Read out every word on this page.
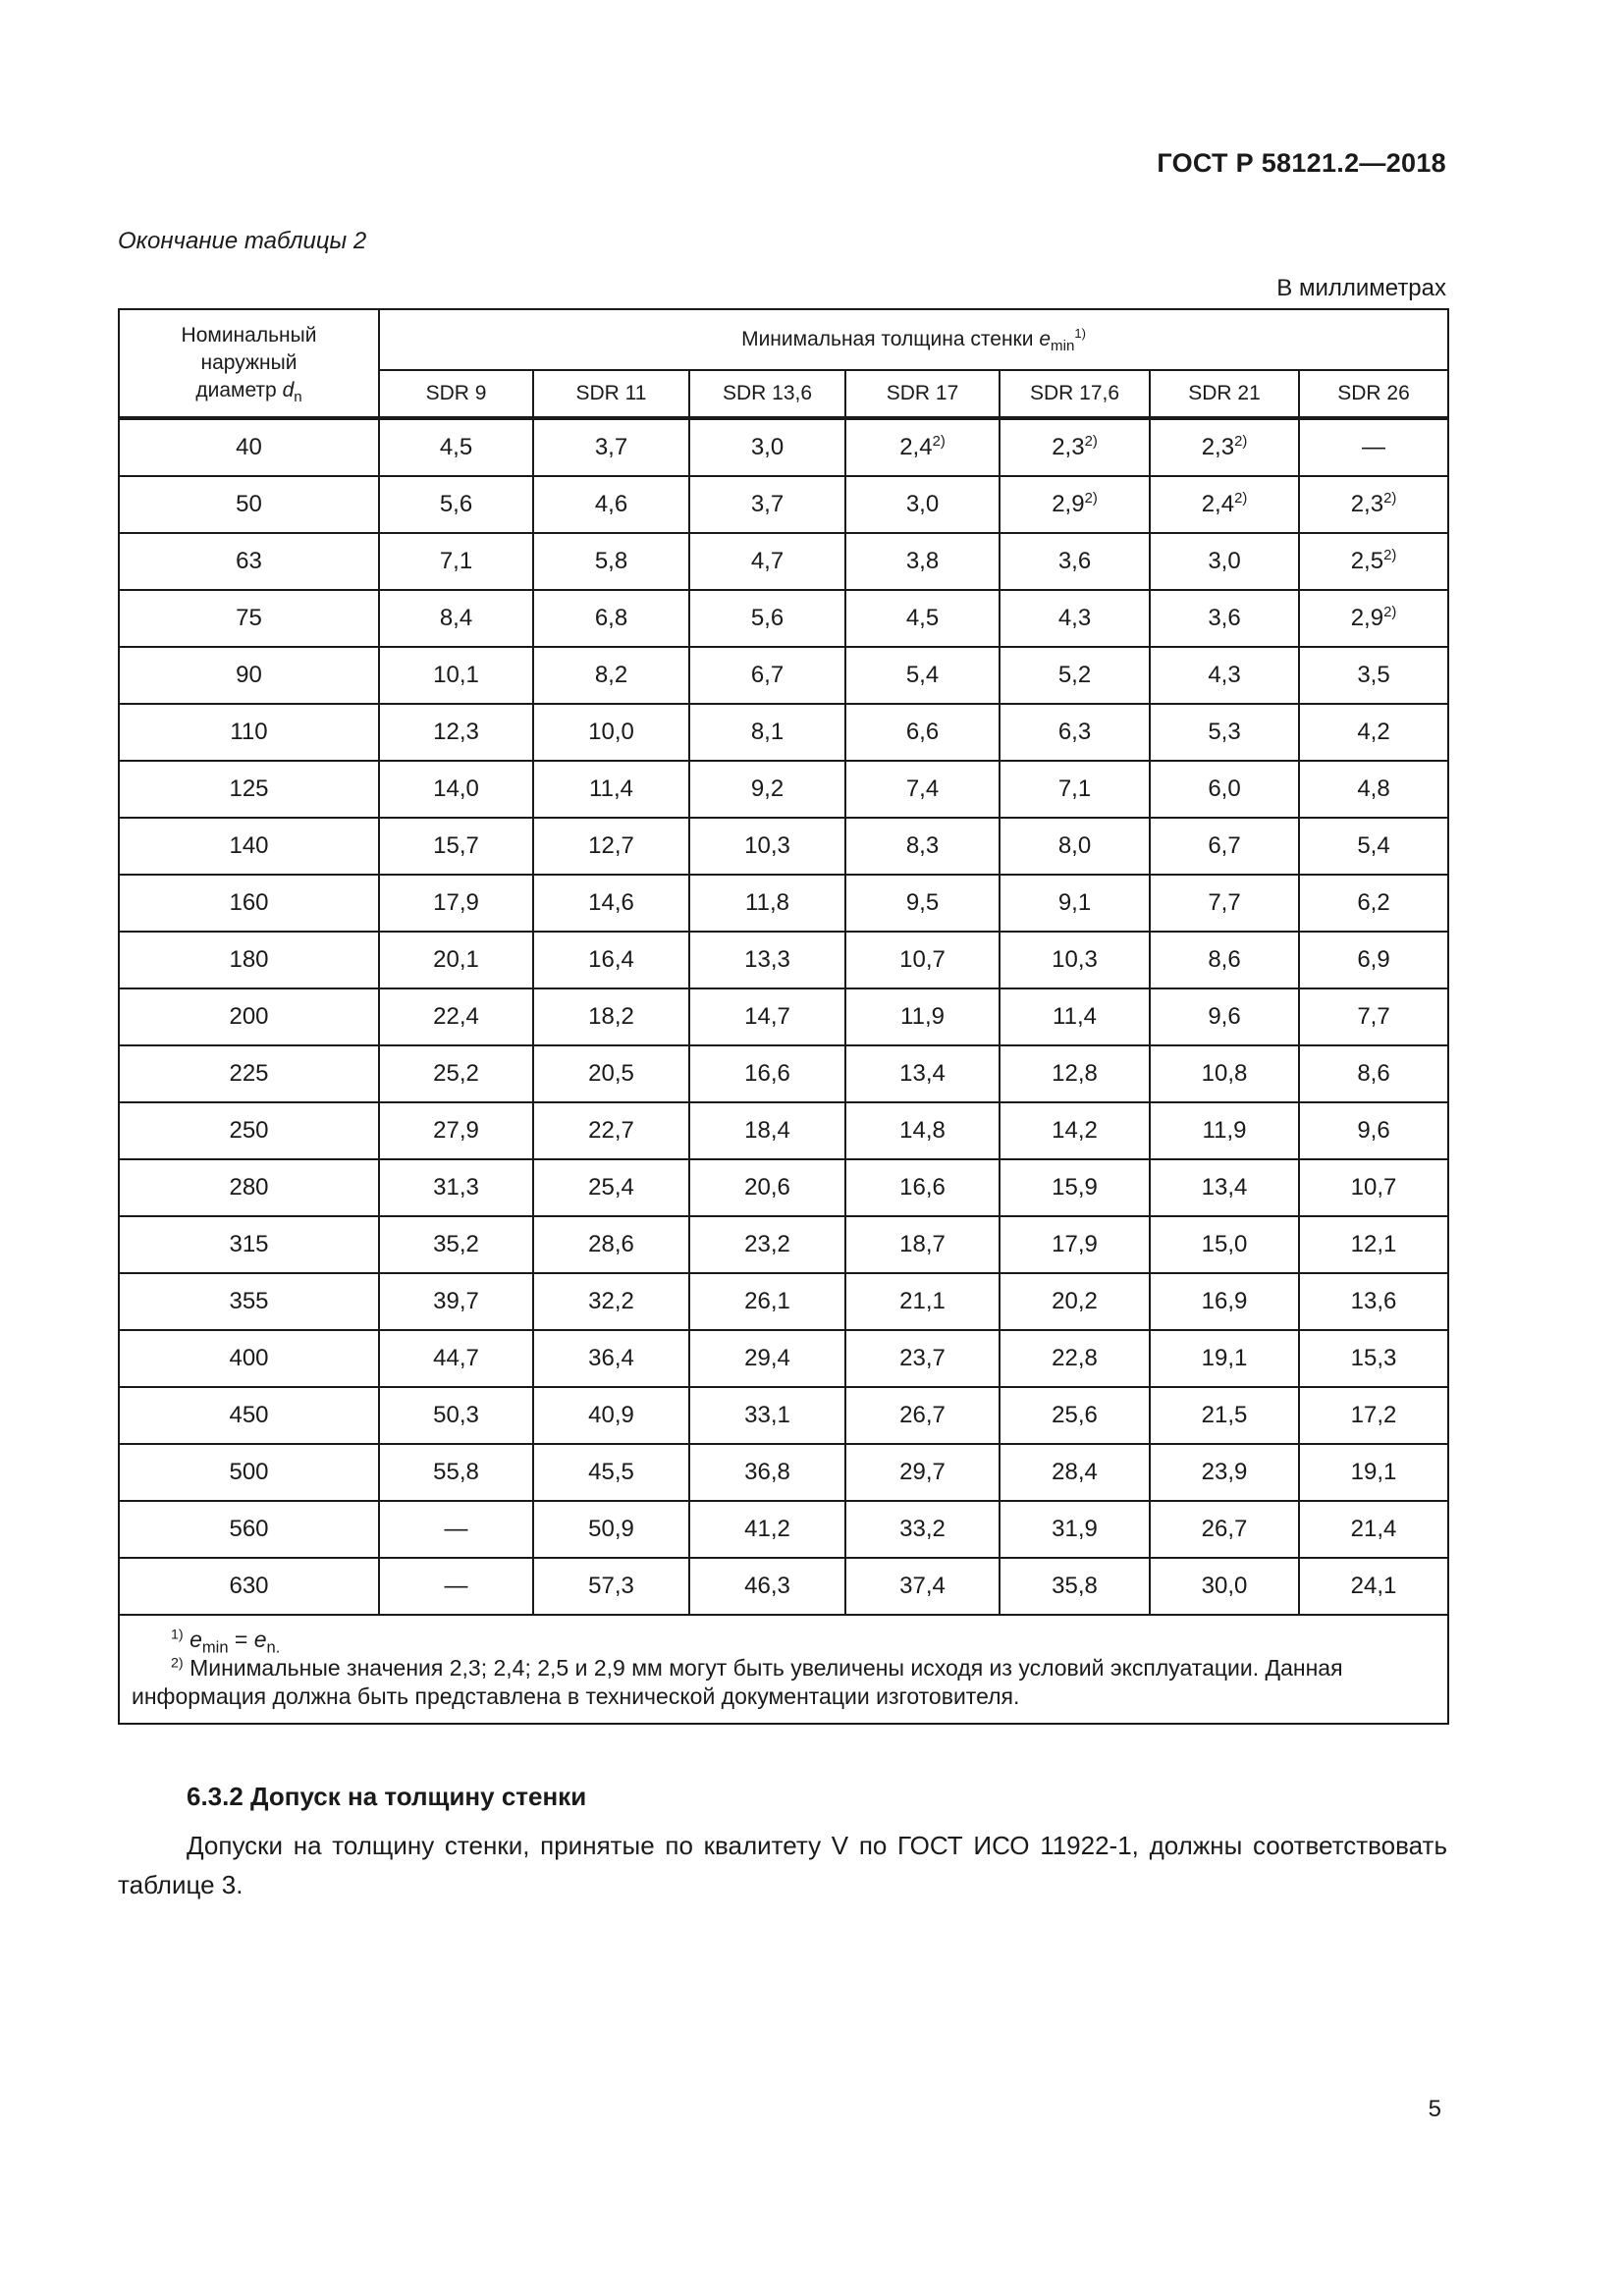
ГОСТ Р 58121.2—2018
Окончание таблицы 2
В миллиметрах
Номинальный
наружный
диаметр $d_n$	Минимальная толщина стенки $e_{min}^{1)}$
	SDR 9	SDR 11	SDR 13,6	SDR 17	SDR 17,6	SDR 21	SDR 26
40	4,5	3,7	3,0	2,4$^{2)}$	2,3$^{2)}$	2,3$^{2)}$	—
50	5,6	4,6	3,7	3,0	2,9$^{2)}$	2,4$^{2)}$	2,3$^{2)}$
63	7,1	5,8	4,7	3,8	3,6	3,0	2,5$^{2)}$
75	8,4	6,8	5,6	4,5	4,3	3,6	2,9$^{2)}$
90	10,1	8,2	6,7	5,4	5,2	4,3	3,5
110	12,3	10,0	8,1	6,6	6,3	5,3	4,2
125	14,0	11,4	9,2	7,4	7,1	6,0	4,8
140	15,7	12,7	10,3	8,3	8,0	6,7	5,4
160	17,9	14,6	11,8	9,5	9,1	7,7	6,2
180	20,1	16,4	13,3	10,7	10,3	8,6	6,9
200	22,4	18,2	14,7	11,9	11,4	9,6	7,7
225	25,2	20,5	16,6	13,4	12,8	10,8	8,6
250	27,9	22,7	18,4	14,8	14,2	11,9	9,6
280	31,3	25,4	20,6	16,6	15,9	13,4	10,7
315	35,2	28,6	23,2	18,7	17,9	15,0	12,1
355	39,7	32,2	26,1	21,1	20,2	16,9	13,6
400	44,7	36,4	29,4	23,7	22,8	19,1	15,3
450	50,3	40,9	33,1	26,7	25,6	21,5	17,2
500	55,8	45,5	36,8	29,7	28,4	23,9	19,1
560	—	50,9	41,2	33,2	31,9	26,7	21,4
630	—	57,3	46,3	37,4	35,8	30,0	24,1

$^{1)}$ $e_{min} = e_{n.}$
$^{2)}$ Минимальные значения 2,3; 2,4; 2,5 и 2,9 мм могут быть увеличены исходя из условий эксплуатации. Данная информация должна быть представлена в технической документации изготовителя.							
6.3.2 Допуск на толщину стенки
Допуски на толщину стенки, принятые по квалитету V по ГОСТ ИСО 11922-1, должны соответствовать таблице 3.
5
